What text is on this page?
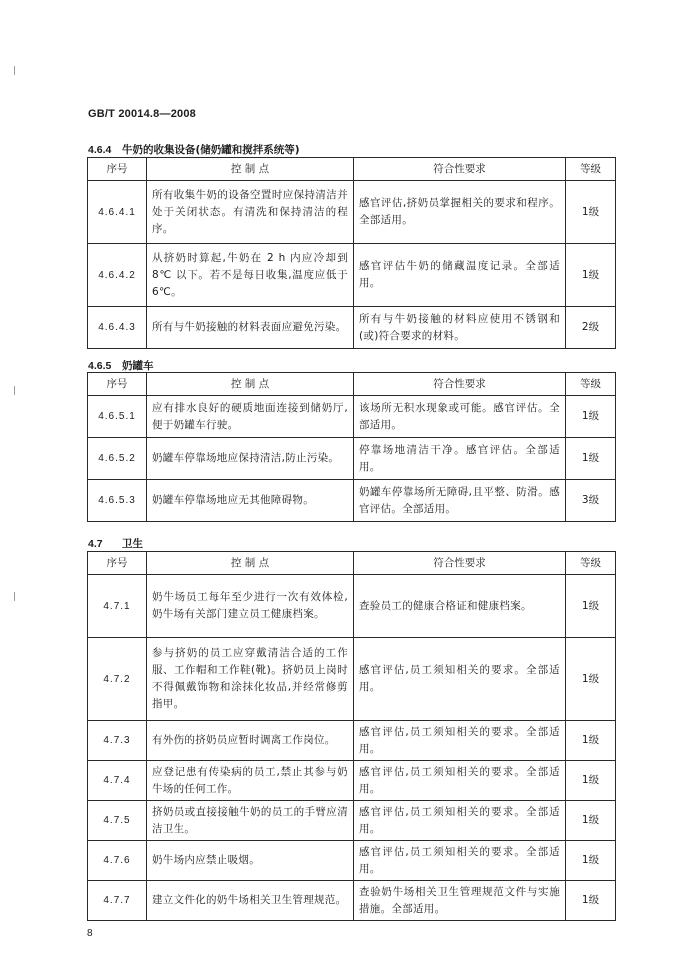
GB/T 20014.8—2008
4.6.4 牛奶的收集设备(储奶罐和搅拌系统等)
序号	控 制 点	符合性要求	等级
4.6.4.1	所有收集牛奶的设备空置时应保持清洁并处于关闭状态。有清洗和保持清洁的程序。	感官评估,挤奶员掌握相关的要求和程序。全部适用。	1级
4.6.4.2	从挤奶时算起,牛奶在 2 h 内应冷却到 8℃ 以下。若不是每日收集,温度应低于 6℃。	感官评估牛奶的储藏温度记录。全部适用。	1级
4.6.4.3	所有与牛奶接触的材料表面应避免污染。	所有与牛奶接触的材料应使用不锈钢和(或)符合要求的材料。	2级
4.6.5 奶罐车
序号	控 制 点	符合性要求	等级
4.6.5.1	应有排水良好的硬质地面连接到储奶厅,便于奶罐车行驶。	该场所无积水现象或可能。感官评估。全部适用。	1级
4.6.5.2	奶罐车停靠场地应保持清洁,防止污染。	停靠场地清洁干净。感官评估。全部适用。	1级
4.6.5.3	奶罐车停靠场地应无其他障碍物。	奶罐车停靠场所无障碍,且平整、防滑。感官评估。全部适用。	3级
4.7 卫生
序号	控 制 点	符合性要求	等级
4.7.1	奶牛场员工每年至少进行一次有效体检,奶牛场有关部门建立员工健康档案。	查验员工的健康合格证和健康档案。	1级
4.7.2	参与挤奶的员工应穿戴清洁合适的工作服、工作帽和工作鞋(靴)。挤奶员上岗时不得佩戴饰物和涂抹化妆品,并经常修剪指甲。	感官评估,员工须知相关的要求。全部适用。	1级
4.7.3	有外伤的挤奶员应暂时调离工作岗位。	感官评估,员工须知相关的要求。全部适用。	1级
4.7.4	应登记患有传染病的员工,禁止其参与奶牛场的任何工作。	感官评估,员工须知相关的要求。全部适用。	1级
4.7.5	挤奶员或直接接触牛奶的员工的手臂应清洁卫生。	感官评估,员工须知相关的要求。全部适用。	1级
4.7.6	奶牛场内应禁止吸烟。	感官评估,员工须知相关的要求。全部适用。	1级
4.7.7	建立文件化的奶牛场相关卫生管理规范。	查验奶牛场相关卫生管理规范文件与实施措施。全部适用。	1级
8
